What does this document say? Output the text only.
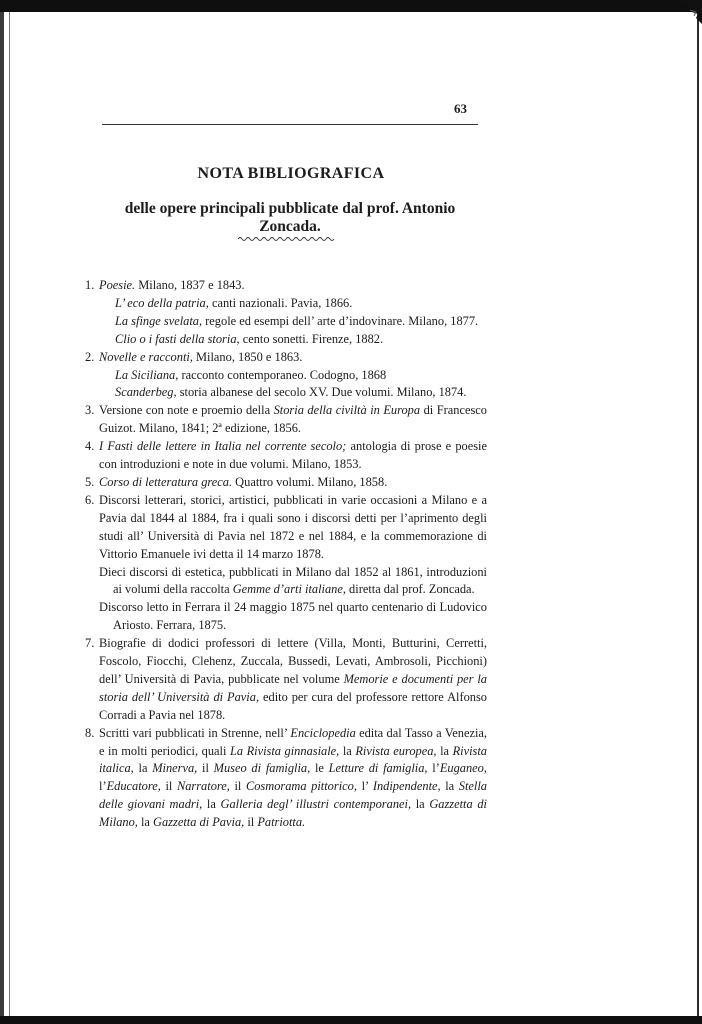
63
NOTA BIBLIOGRAFICA
delle opere principali pubblicate dal prof. Antonio Zoncada.
1. Poesie. Milano, 1837 e 1843.
L’ eco della patria, canti nazionali. Pavia, 1866.
La sfinge svelata, regole ed esempi dell’ arte d’indovinare. Milano, 1877.
Clio o i fasti della storia, cento sonetti. Firenze, 1882.
2. Novelle e racconti, Milano, 1850 e 1863.
La Siciliana, racconto contemporaneo. Codogno, 1868
Scanderbeg, storia albanese del secolo XV. Due volumi. Milano, 1874.
3. Versione con note e proemio della Storia della civiltà in Europa di Francesco Guizot. Milano, 1841; 2ª edizione, 1856.
4. I Fasti delle lettere in Italia nel corrente secolo; antologia di prose e poesie con introduzioni e note in due volumi. Milano, 1853.
5. Corso di letteratura greca. Quattro volumi. Milano, 1858.
6. Discorsi letterari, storici, artistici, pubblicati in varie occasioni a Milano e a Pavia dal 1844 al 1884, fra i quali sono i discorsi detti per l’aprimento degli studi all’ Università di Pavia nel 1872 e nel 1884, e la commemorazione di Vittorio Emanuele ivi detta il 14 marzo 1878.
Dieci discorsi di estetica, pubblicati in Milano dal 1852 al 1861, introduzioni ai volumi della raccolta Gemme d’arti italiane, diretta dal prof. Zoncada.
Discorso letto in Ferrara il 24 maggio 1875 nel quarto centenario di Ludovico Ariosto. Ferrara, 1875.
7. Biografie di dodici professori di lettere (Villa, Monti, Butturini, Cerretti, Foscolo, Fiocchi, Clehenz, Zuccala, Bussedi, Levati, Ambrosoli, Picchioni) dell’ Università di Pavia, pubblicate nel volume Memorie e documenti per la storia dell’ Università di Pavia, edito per cura del professore rettore Alfonso Corradi a Pavia nel 1878.
8. Scritti vari pubblicati in Strenne, nell’ Enciclopedia edita dal Tasso a Venezia, e in molti periodici, quali La Rivista ginnasiale, la Rivista europea, la Rivista italica, la Minerva, il Museo di famiglia, le Letture di famiglia, l’Euganeo, l’Educatore, il Narratore, il Cosmorama pittorico, l’ Indipendente, la Stella delle giovani madri, la Galleria degl’ illustri contemporanei, la Gazzetta di Milano, la Gazzetta di Pavia, il Patriotta.
